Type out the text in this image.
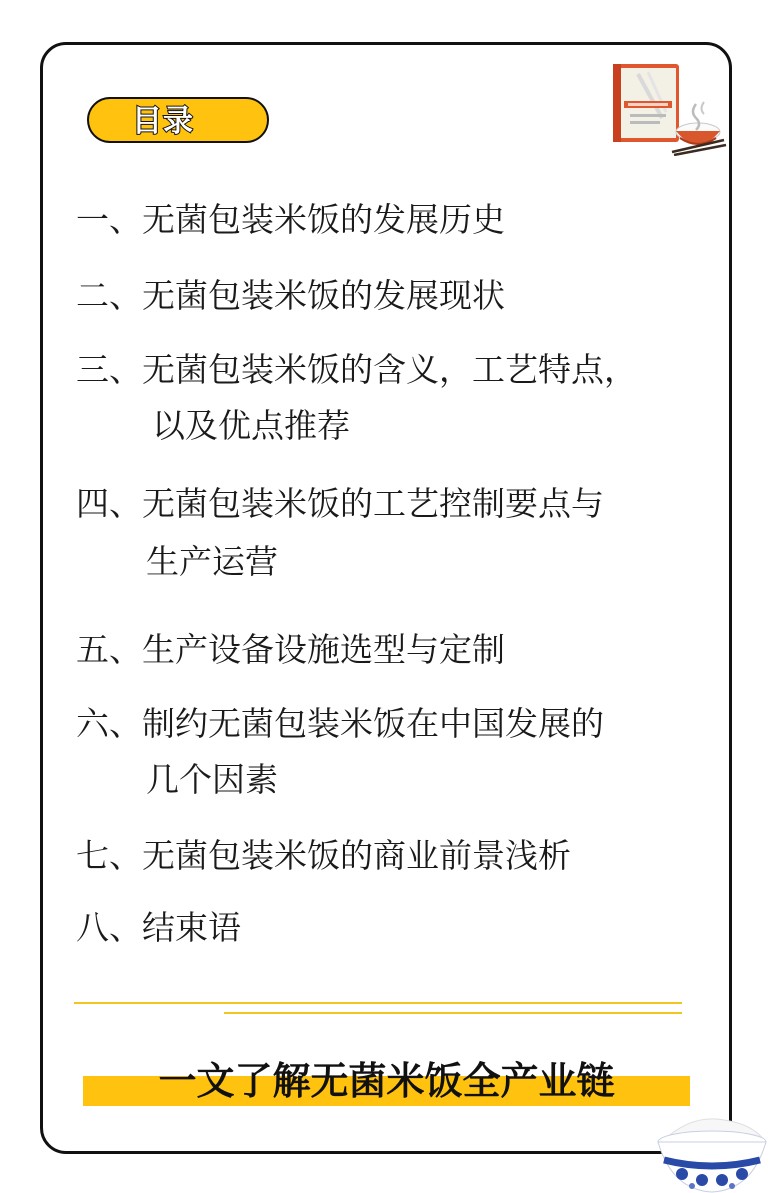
目录
一、无菌包装米饭的发展历史
二、无菌包装米饭的发展现状
三、无菌包装米饭的含义，工艺特点，
以及优点推荐
四、无菌包装米饭的工艺控制要点与
生产运营
五、生产设备设施选型与定制
六、制约无菌包装米饭在中国发展的
几个因素
七、无菌包装米饭的商业前景浅析
八、结束语
一文了解无菌米饭全产业链
